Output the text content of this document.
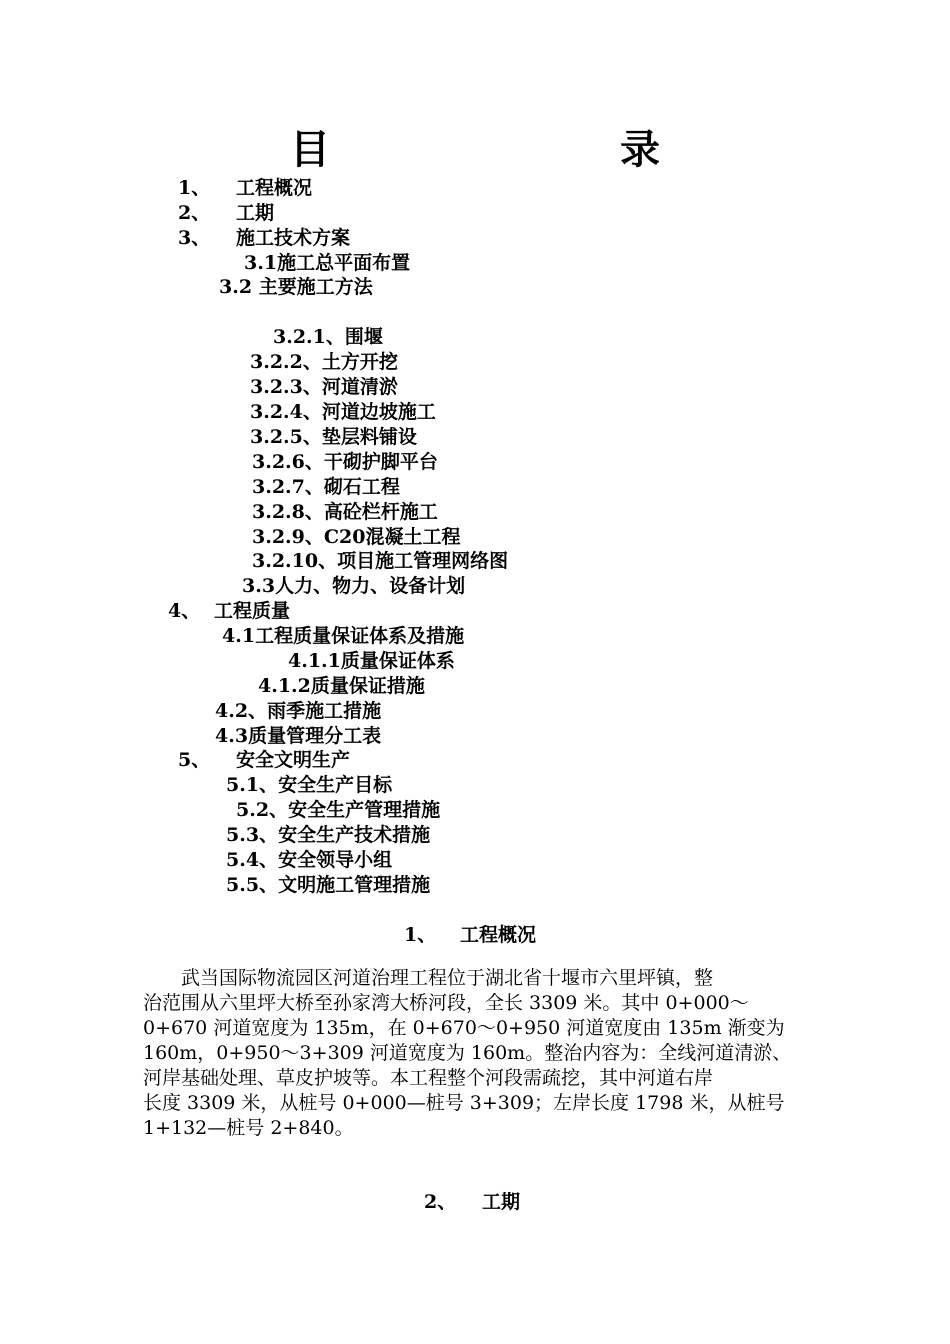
目　　录
1、 工程概况
2、 工期
3、 施工技术方案
3.1施工总平面布置
3.2 主要施工方法
3.2.1、围堰
3.2.2、土方开挖
3.2.3、河道清淤
3.2.4、河道边坡施工
3.2.5、垫层料铺设
3.2.6、干砌护脚平台
3.2.7、砌石工程
3.2.8、高砼栏杆施工
3.2.9、C20混凝土工程
3.2.10、项目施工管理网络图
3.3人力、物力、设备计划
4、 工程质量
4.1工程质量保证体系及措施
4.1.1质量保证体系
4.1.2质量保证措施
4.2、雨季施工措施
4.3质量管理分工表
5、 安全文明生产
5.1、安全生产目标
5.2、安全生产管理措施
5.3、安全生产技术措施
5.4、安全领导小组
5.5、文明施工管理措施
1、 工程概况
　　武当国际物流园区河道治理工程位于湖北省十堰市六里坪镇，整
治范围从六里坪大桥至孙家湾大桥河段，全长 3309 米。其中 0+000～
0+670 河道宽度为 135m，在 0+670～0+950 河道宽度由 135m 渐变为
160m，0+950～3+309 河道宽度为 160m。整治内容为：全线河道清淤、
河岸基础处理、草皮护坡等。本工程整个河段需疏挖，其中河道右岸
长度 3309 米，从桩号 0+000—桩号 3+309；左岸长度 1798 米，从桩号
1+132—桩号 2+840。
2、 工期
